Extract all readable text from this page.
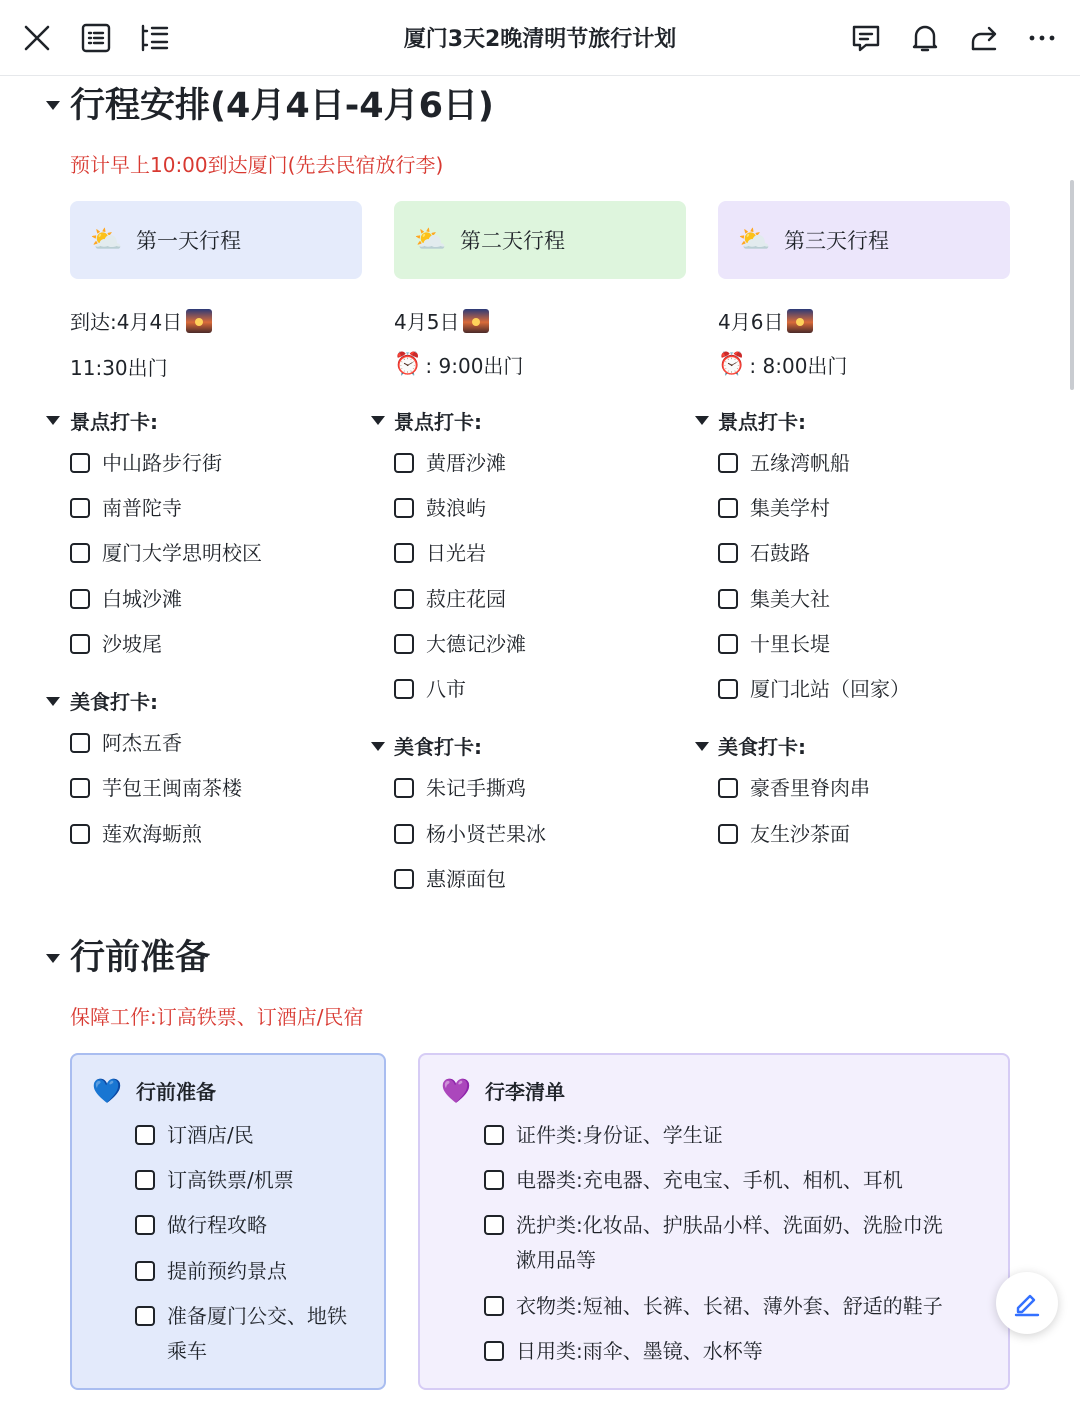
厦门3天2晚清明节旅行计划
行程安排(4月4日-4月6日)
预计早上10:00到达厦门(先去民宿放行李)
⛅ 第一天行程	⛅ 第二天行程	⛅ 第三天行程
到达:4月4日
11:30出门
景点打卡:
中山路步行街
南普陀寺
厦门大学思明校区
白城沙滩
沙坡尾
美食打卡:
阿杰五香
芋包王闽南茶楼
莲欢海蛎煎
4月5日
⏰ : 9:00出门
景点打卡:
黄厝沙滩
鼓浪屿
日光岩
菽庄花园
大德记沙滩
八市
美食打卡:
朱记手撕鸡
杨小贤芒果冰
惠源面包
4月6日
⏰ : 8:00出门
景点打卡:
五缘湾帆船
集美学村
石鼓路
集美大社
十里长堤
厦门北站（回家）
美食打卡:
豪香里脊肉串
友生沙茶面
行前准备
保障工作:订高铁票、订酒店/民宿
💙 行前准备
订酒店/民
订高铁票/机票
做行程攻略
提前预约景点
准备厦门公交、地铁
乘车
💜 行李清单
证件类:身份证、学生证
电器类:充电器、充电宝、手机、相机、耳机
洗护类:化妆品、护肤品小样、洗面奶、洗脸巾洗
漱用品等
衣物类:短袖、长裤、长裙、薄外套、舒适的鞋子
日用类:雨伞、墨镜、水杯等
